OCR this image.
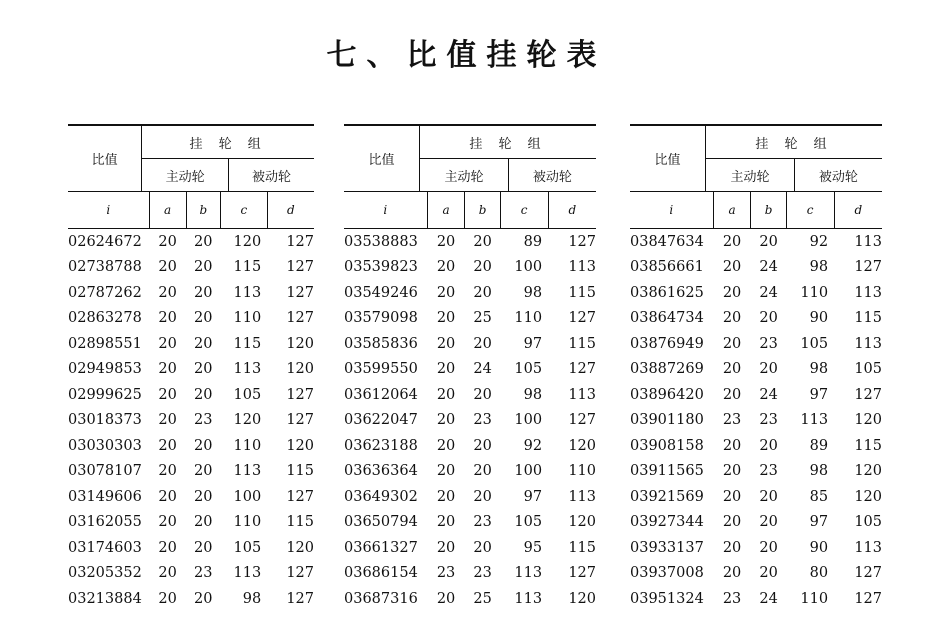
七、比值挂轮表
比值	挂 轮 组	
	主动轮	被动轮
i	a	b	c	d
02624672	20	20	120	127
02738788	20	20	115	127
02787262	20	20	113	127
02863278	20	20	110	127
02898551	20	20	115	120
02949853	20	20	113	120
02999625	20	20	105	127
03018373	20	23	120	127
03030303	20	20	110	120
03078107	20	20	113	115
03149606	20	20	100	127
03162055	20	20	110	115
03174603	20	20	105	120
03205352	20	23	113	127
03213884	20	20	98	127
比值	挂 轮 组	
	主动轮	被动轮
i	a	b	c	d
03538883	20	20	89	127
03539823	20	20	100	113
03549246	20	20	98	115
03579098	20	25	110	127
03585836	20	20	97	115
03599550	20	24	105	127
03612064	20	20	98	113
03622047	20	23	100	127
03623188	20	20	92	120
03636364	20	20	100	110
03649302	20	20	97	113
03650794	20	23	105	120
03661327	20	20	95	115
03686154	23	23	113	127
03687316	20	25	113	120
比值	挂 轮 组	
	主动轮	被动轮
i	a	b	c	d
03847634	20	20	92	113
03856661	20	24	98	127
03861625	20	24	110	113
03864734	20	20	90	115
03876949	20	23	105	113
03887269	20	20	98	105
03896420	20	24	97	127
03901180	23	23	113	120
03908158	20	20	89	115
03911565	20	23	98	120
03921569	20	20	85	120
03927344	20	20	97	105
03933137	20	20	90	113
03937008	20	20	80	127
03951324	23	24	110	127
